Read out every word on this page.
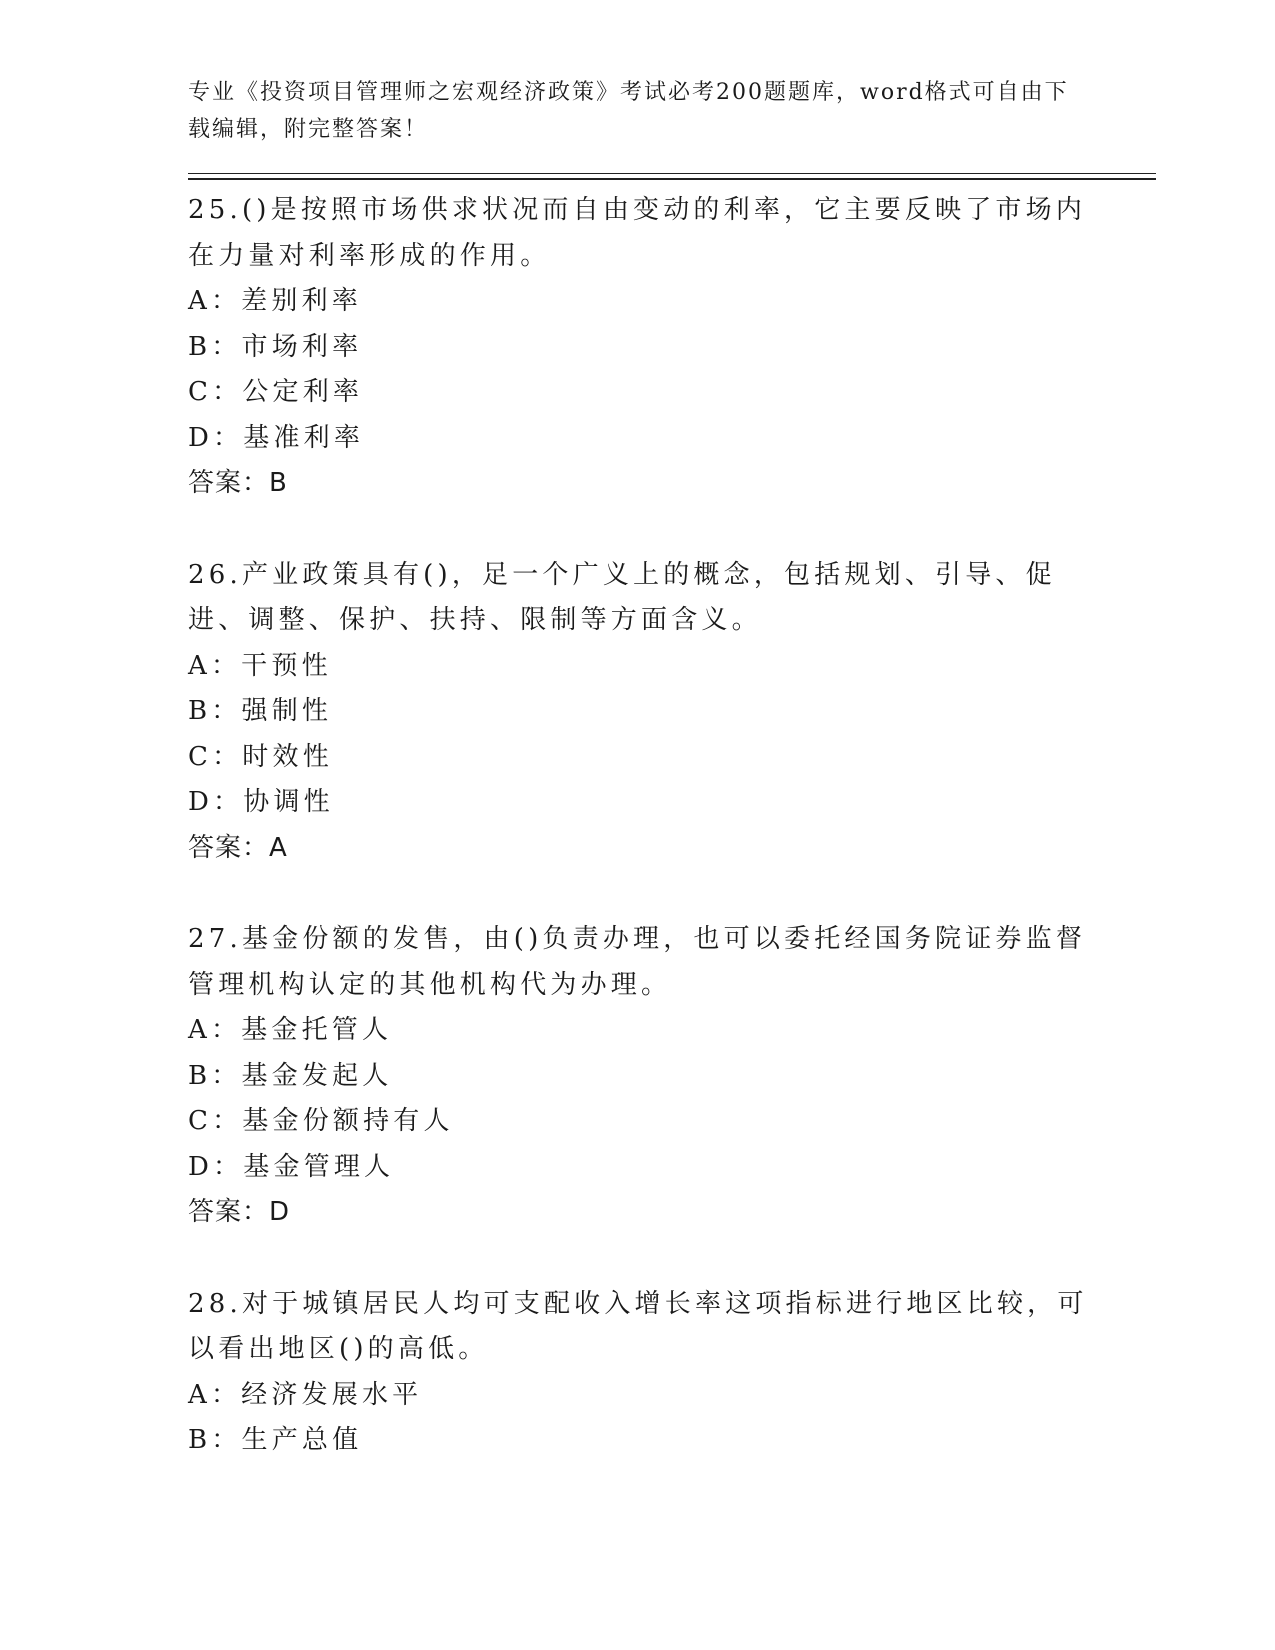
专业《投资项目管理师之宏观经济政策》考试必考200题题库，word格式可自由下载编辑，附完整答案！

25.()是按照市场供求状况而自由变动的利率，它主要反映了市场内在力量对利率形成的作用。

A：差别利率

B：市场利率

C：公定利率

D：基准利率

答案：B

26.产业政策具有()，足一个广义上的概念，包括规划、引导、促进、调整、保护、扶持、限制等方面含义。

A：干预性

B：强制性

C：时效性

D：协调性

答案：A

27.基金份额的发售，由()负责办理，也可以委托经国务院证券监督管理机构认定的其他机构代为办理。

A：基金托管人

B：基金发起人

C：基金份额持有人

D：基金管理人

答案：D

28.对于城镇居民人均可支配收入增长率这项指标进行地区比较，可以看出地区()的高低。

A：经济发展水平

B：生产总值
